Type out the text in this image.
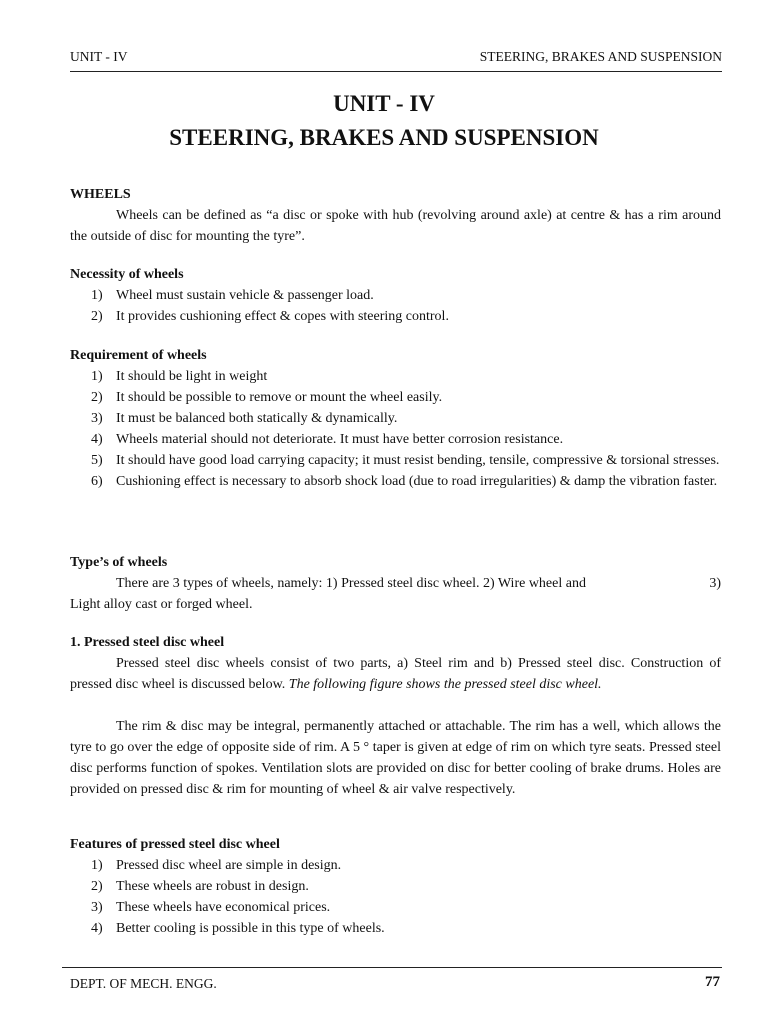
UNIT - IV	STEERING, BRAKES AND SUSPENSION
UNIT - IV
STEERING, BRAKES AND SUSPENSION
WHEELS
Wheels can be defined as “a disc or spoke with hub (revolving around axle) at centre & has a rim around the outside of disc for mounting the tyre”.
Necessity of wheels
1) Wheel must sustain vehicle & passenger load.
2) It provides cushioning effect & copes with steering control.
Requirement of wheels
1) It should be light in weight
2) It should be possible to remove or mount the wheel easily.
3) It must be balanced both statically & dynamically.
4) Wheels material should not deteriorate. It must have better corrosion resistance.
5) It should have good load carrying capacity; it must resist bending, tensile, compressive & torsional stresses.
6) Cushioning effect is necessary to absorb shock load (due to road irregularities) & damp the vibration faster.
Type’s of wheels
There are 3 types of wheels, namely: 1) Pressed steel disc wheel. 2) Wire wheel and	3)
Light alloy cast or forged wheel.
1. Pressed steel disc wheel
Pressed steel disc wheels consist of two parts, a) Steel rim and b) Pressed steel disc. Construction of pressed disc wheel is discussed below. The following figure shows the pressed steel disc wheel.
The rim & disc may be integral, permanently attached or attachable. The rim has a well, which allows the tyre to go over the edge of opposite side of rim. A 5 ° taper is given at edge of rim on which tyre seats. Pressed steel disc performs function of spokes. Ventilation slots are provided on disc for better cooling of brake drums. Holes are provided on pressed disc & rim for mounting of wheel & air valve respectively.
Features of pressed steel disc wheel
1) Pressed disc wheel are simple in design.
2) These wheels are robust in design.
3) These wheels have economical prices.
4) Better cooling is possible in this type of wheels.
DEPT. OF MECH. ENGG.	77
